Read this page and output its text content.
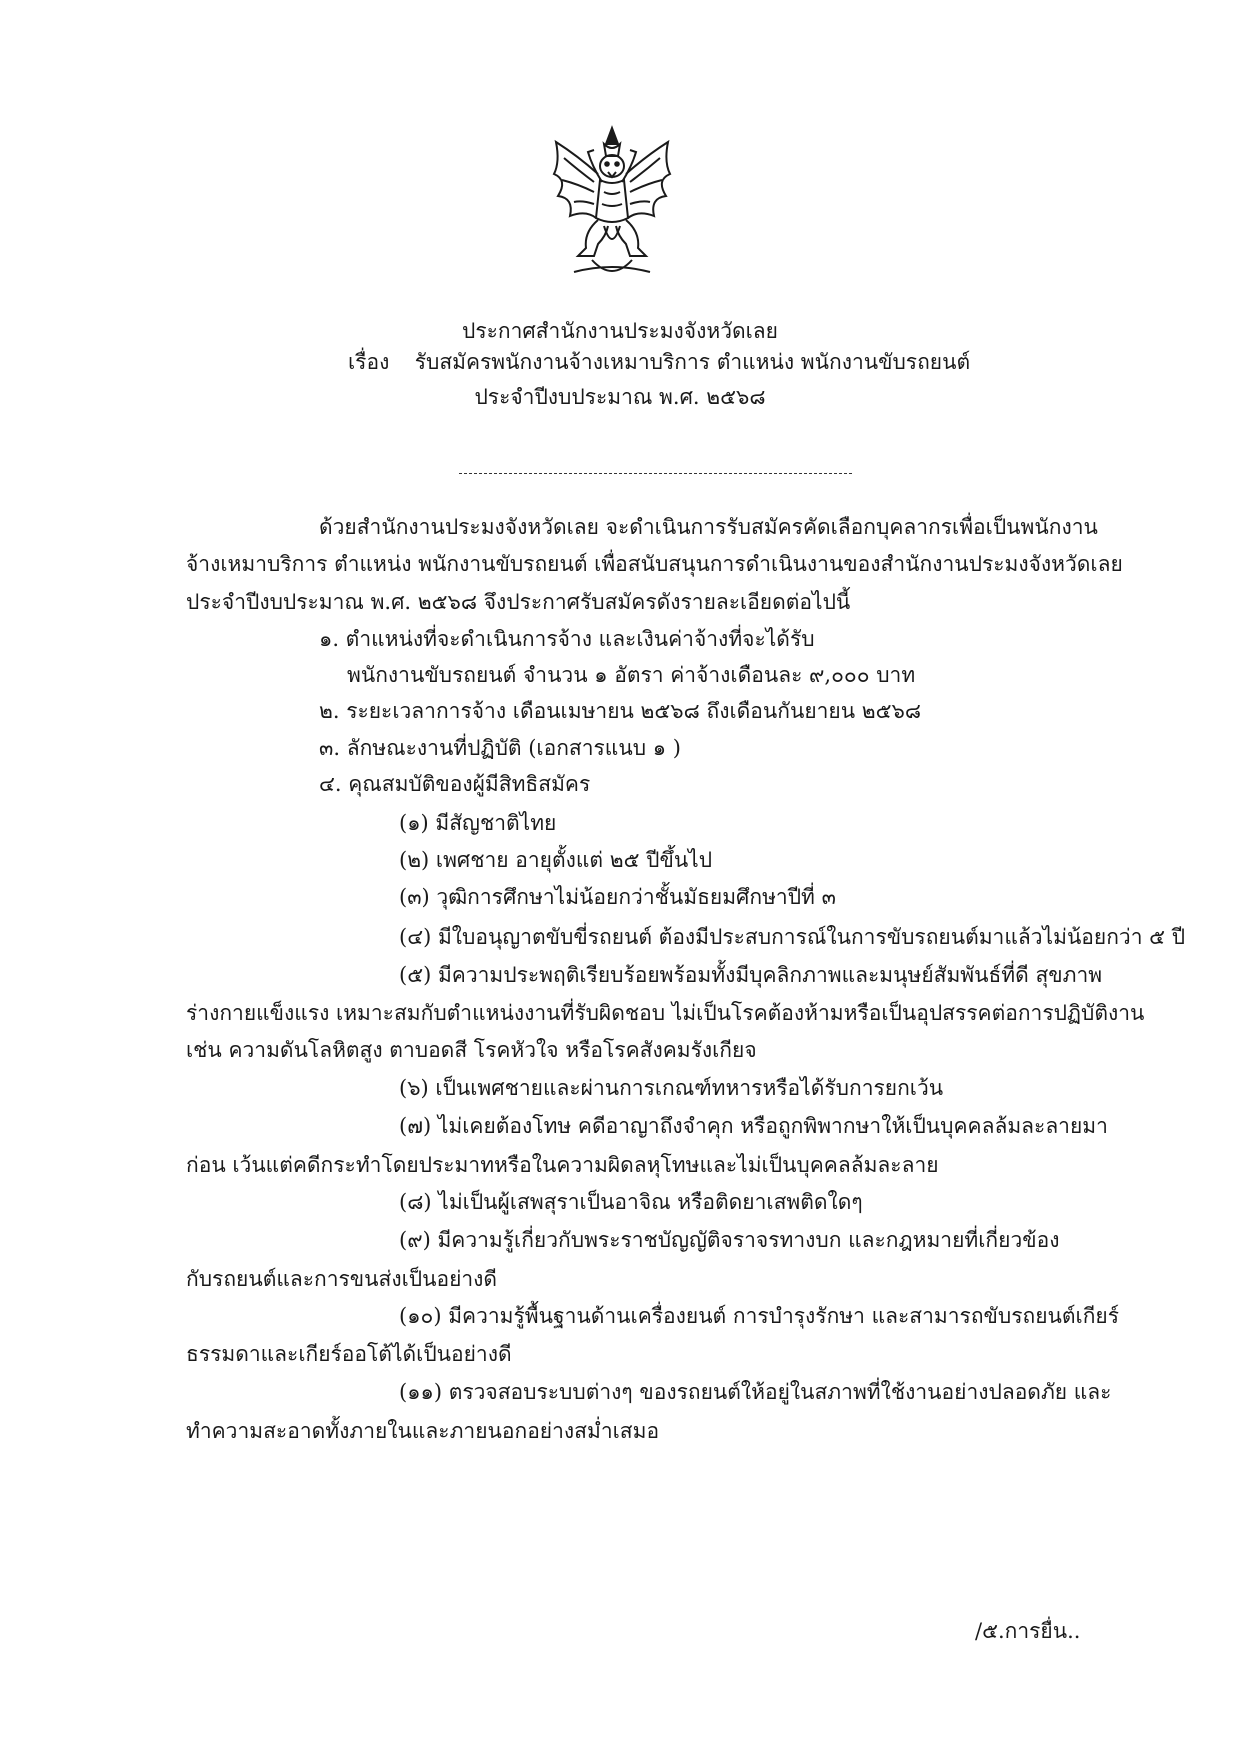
ประกาศสำนักงานประมงจังหวัดเลย
เรื่อง รับสมัครพนักงานจ้างเหมาบริการ ตำแหน่ง พนักงานขับรถยนต์
ประจำปีงบประมาณ พ.ศ. ๒๕๖๘
ด้วยสำนักงานประมงจังหวัดเลย จะดำเนินการรับสมัครคัดเลือกบุคลากรเพื่อเป็นพนักงาน
จ้างเหมาบริการ ตำแหน่ง พนักงานขับรถยนต์ เพื่อสนับสนุนการดำเนินงานของสำนักงานประมงจังหวัดเลย
ประจำปีงบประมาณ พ.ศ. ๒๕๖๘ จึงประกาศรับสมัครดังรายละเอียดต่อไปนี้
๑. ตำแหน่งที่จะดำเนินการจ้าง และเงินค่าจ้างที่จะได้รับ
พนักงานขับรถยนต์ จำนวน ๑ อัตรา ค่าจ้างเดือนละ ๙,๐๐๐ บาท
๒. ระยะเวลาการจ้าง เดือนเมษายน ๒๕๖๘ ถึงเดือนกันยายน ๒๕๖๘
๓. ลักษณะงานที่ปฏิบัติ (เอกสารแนบ ๑ )
๔. คุณสมบัติของผู้มีสิทธิสมัคร
(๑) มีสัญชาติไทย
(๒) เพศชาย อายุตั้งแต่ ๒๕ ปีขึ้นไป
(๓) วุฒิการศึกษาไม่น้อยกว่าชั้นมัธยมศึกษาปีที่ ๓
(๔) มีใบอนุญาตขับขี่รถยนต์ ต้องมีประสบการณ์ในการขับรถยนต์มาแล้วไม่น้อยกว่า ๕ ปี
(๕) มีความประพฤติเรียบร้อยพร้อมทั้งมีบุคลิกภาพและมนุษย์สัมพันธ์ที่ดี สุขภาพ
ร่างกายแข็งแรง เหมาะสมกับตำแหน่งงานที่รับผิดชอบ ไม่เป็นโรคต้องห้ามหรือเป็นอุปสรรคต่อการปฏิบัติงาน
เช่น ความดันโลหิตสูง ตาบอดสี โรคหัวใจ หรือโรคสังคมรังเกียจ
(๖) เป็นเพศชายและผ่านการเกณฑ์ทหารหรือได้รับการยกเว้น
(๗) ไม่เคยต้องโทษ คดีอาญาถึงจำคุก หรือถูกพิพากษาให้เป็นบุคคลล้มละลายมา
ก่อน เว้นแต่คดีกระทำโดยประมาทหรือในความผิดลหุโทษและไม่เป็นบุคคลล้มละลาย
(๘) ไม่เป็นผู้เสพสุราเป็นอาจิณ หรือติดยาเสพติดใดๆ
(๙) มีความรู้เกี่ยวกับพระราชบัญญัติจราจรทางบก และกฎหมายที่เกี่ยวข้อง
กับรถยนต์และการขนส่งเป็นอย่างดี
(๑๐) มีความรู้พื้นฐานด้านเครื่องยนต์ การบำรุงรักษา และสามารถขับรถยนต์เกียร์
ธรรมดาและเกียร์ออโต้ได้เป็นอย่างดี
(๑๑) ตรวจสอบระบบต่างๆ ของรถยนต์ให้อยู่ในสภาพที่ใช้งานอย่างปลอดภัย และ
ทำความสะอาดทั้งภายในและภายนอกอย่างสม่ำเสมอ
/๕.การยื่น..
